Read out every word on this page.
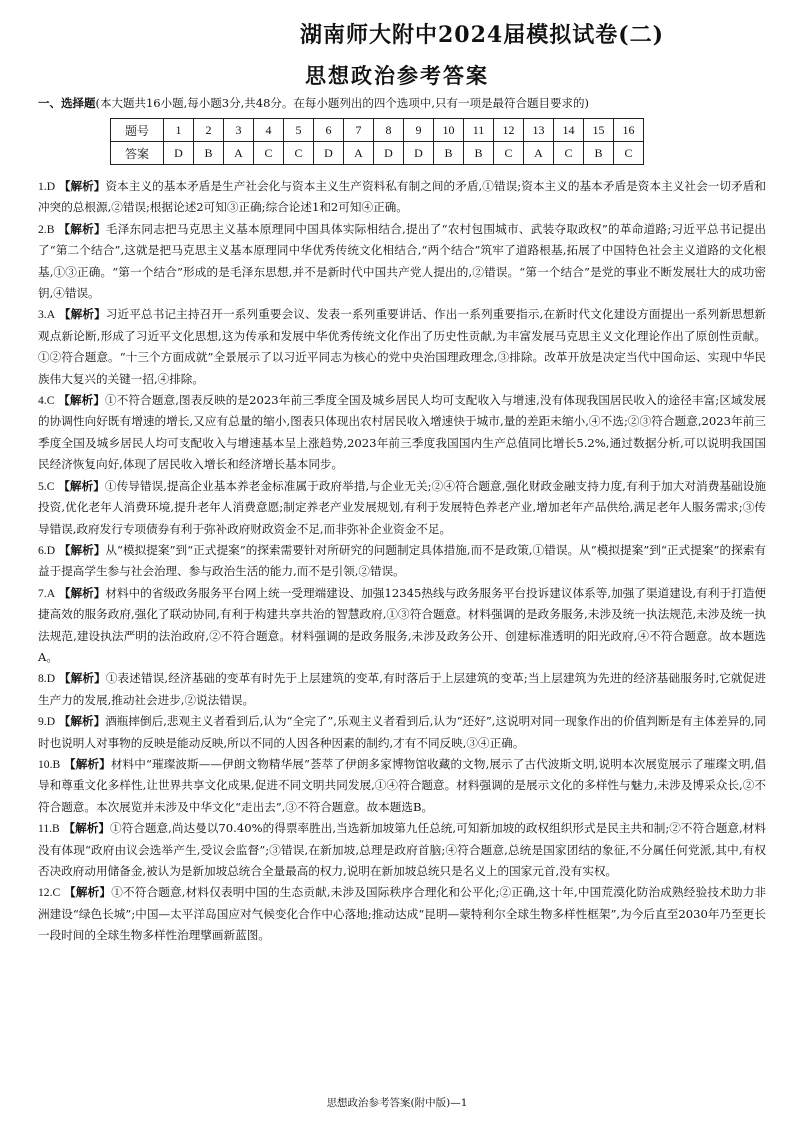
湖南师大附中2024届模拟试卷(二)
思想政治参考答案
一、选择题(本大题共16小题,每小题3分,共48分。在每小题列出的四个选项中,只有一项是最符合题目要求的)
题号	1	2	3	4	5	6	7	8	9	10	11	12	13	14	15	16
答案	D	B	A	C	C	D	A	D	D	B	B	C	A	C	B	C

1.D 【解析】资本主义的基本矛盾是生产社会化与资本主义生产资料私有制之间的矛盾,①错误;资本主义的基本矛盾是资本主义社会一切矛盾和冲突的总根源,②错误;根据论述2可知③正确;综合论述1和2可知④正确。

2.B 【解析】毛泽东同志把马克思主义基本原理同中国具体实际相结合,提出了“农村包围城市、武装夺取政权”的革命道路;习近平总书记提出了“第二个结合”,这就是把马克思主义基本原理同中华优秀传统文化相结合,“两个结合”筑牢了道路根基,拓展了中国特色社会主义道路的文化根基,①③正确。“第一个结合”形成的是毛泽东思想,并不是新时代中国共产党人提出的,②错误。“第一个结合”是党的事业不断发展壮大的成功密钥,④错误。

3.A 【解析】习近平总书记主持召开一系列重要会议、发表一系列重要讲话、作出一系列重要指示,在新时代文化建设方面提出一系列新思想新观点新论断,形成了习近平文化思想,这为传承和发展中华优秀传统文化作出了历史性贡献,为丰富发展马克思主义文化理论作出了原创性贡献。①②符合题意。“十三个方面成就”全景展示了以习近平同志为核心的党中央治国理政理念,③排除。改革开放是决定当代中国命运、实现中华民族伟大复兴的关键一招,④排除。

4.C 【解析】①不符合题意,图表反映的是2023年前三季度全国及城乡居民人均可支配收入与增速,没有体现我国居民收入的途径丰富;区域发展的协调性向好既有增速的增长,又应有总量的缩小,图表只体现出农村居民收入增速快于城市,量的差距未缩小,④不选;②③符合题意,2023年前三季度全国及城乡居民人均可支配收入与增速基本呈上涨趋势,2023年前三季度我国国内生产总值同比增长5.2%,通过数据分析,可以说明我国国民经济恢复向好,体现了居民收入增长和经济增长基本同步。

5.C 【解析】①传导错误,提高企业基本养老金标准属于政府举措,与企业无关;②④符合题意,强化财政金融支持力度,有利于加大对消费基础设施投资,优化老年人消费环境,提升老年人消费意愿;制定养老产业发展规划,有利于发展特色养老产业,增加老年产品供给,满足老年人服务需求;③传导错误,政府发行专项债券有利于弥补政府财政资金不足,而非弥补企业资金不足。

6.D 【解析】从“模拟提案”到“正式提案”的探索需要针对所研究的问题制定具体措施,而不是政策,①错误。从“模拟提案”到“正式提案”的探索有益于提高学生参与社会治理、参与政治生活的能力,而不是引领,②错误。

7.A 【解析】材料中的省级政务服务平台网上统一受理端建设、加强12345热线与政务服务平台投诉建议体系等,加强了渠道建设,有利于打造便捷高效的服务政府,强化了联动协同,有利于构建共享共治的智慧政府,①③符合题意。材料强调的是政务服务,未涉及统一执法规范,未涉及统一执法规范,建设执法严明的法治政府,②不符合题意。材料强调的是政务服务,未涉及政务公开、创建标准透明的阳光政府,④不符合题意。故本题选A。

8.D 【解析】①表述错误,经济基础的变革有时先于上层建筑的变革,有时落后于上层建筑的变革;当上层建筑为先进的经济基础服务时,它就促进生产力的发展,推动社会进步,②说法错误。

9.D 【解析】酒瓶摔倒后,悲观主义者看到后,认为“全完了”,乐观主义者看到后,认为“还好”,这说明对同一现象作出的价值判断是有主体差异的,同时也说明人对事物的反映是能动反映,所以不同的人因各种因素的制约,才有不同反映,③④正确。

10.B 【解析】材料中“璀璨波斯——伊朗文物精华展”荟萃了伊朗多家博物馆收藏的文物,展示了古代波斯文明,说明本次展览展示了璀璨文明,倡导和尊重文化多样性,让世界共享文化成果,促进不同文明共同发展,①④符合题意。材料强调的是展示文化的多样性与魅力,未涉及博采众长,②不符合题意。本次展览并未涉及中华文化“走出去”,③不符合题意。故本题选B。

11.B 【解析】①符合题意,尚达曼以70.40%的得票率胜出,当选新加坡第九任总统,可知新加坡的政权组织形式是民主共和制;②不符合题意,材料没有体现“政府由议会选举产生,受议会监督”;③错误,在新加坡,总理是政府首脑;④符合题意,总统是国家团结的象征,不分属任何党派,其中,有权否决政府动用储备金,被认为是新加坡总统合全量最高的权力,说明在新加坡总统只是名义上的国家元首,没有实权。

12.C 【解析】①不符合题意,材料仅表明中国的生态贡献,未涉及国际秩序合理化和公平化;②正确,这十年,中国荒漠化防治成熟经验技术助力非洲建设“绿色长城”;中国—太平洋岛国应对气候变化合作中心落地;推动达成“昆明—蒙特利尔全球生物多样性框架”,为今后直至2030年乃至更长一段时间的全球生物多样性治理擘画新蓝图。

思想政治参考答案(附中版)—1
